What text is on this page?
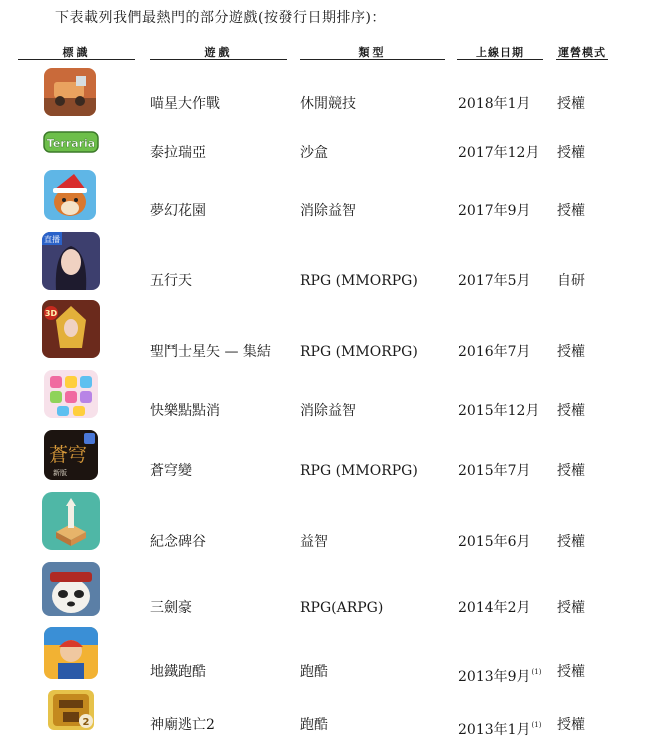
下表載列我們最熱門的部分遊戲(按發行日期排序)：
標識	遊戲	類型	上線日期	運營模式
喵星大作戰	休閒競技	2018年1月 授權
Terraria
泰拉瑞亞	沙盒	2017年12月 授權
夢幻花園	消除益智	2017年9月 授權
直播
五行天	RPG (MMORPG)	2017年5月 自研
3D
聖鬥士星矢 — 集結 RPG (MMORPG)	2016年7月 授權
快樂點點消	消除益智	2015年12月 授權
蒼穹
新版	蒼穹變	RPG (MMORPG)	2015年7月 授權
紀念碑谷	益智	2015年6月 授權
三劍豪	RPG(ARPG)	2014年2月 授權
地鐵跑酷	跑酷	2013年9月$^{(1)}$ 授權
2	神廟逃亡2	跑酷	2013年1月$^{(1)}$ 授權
